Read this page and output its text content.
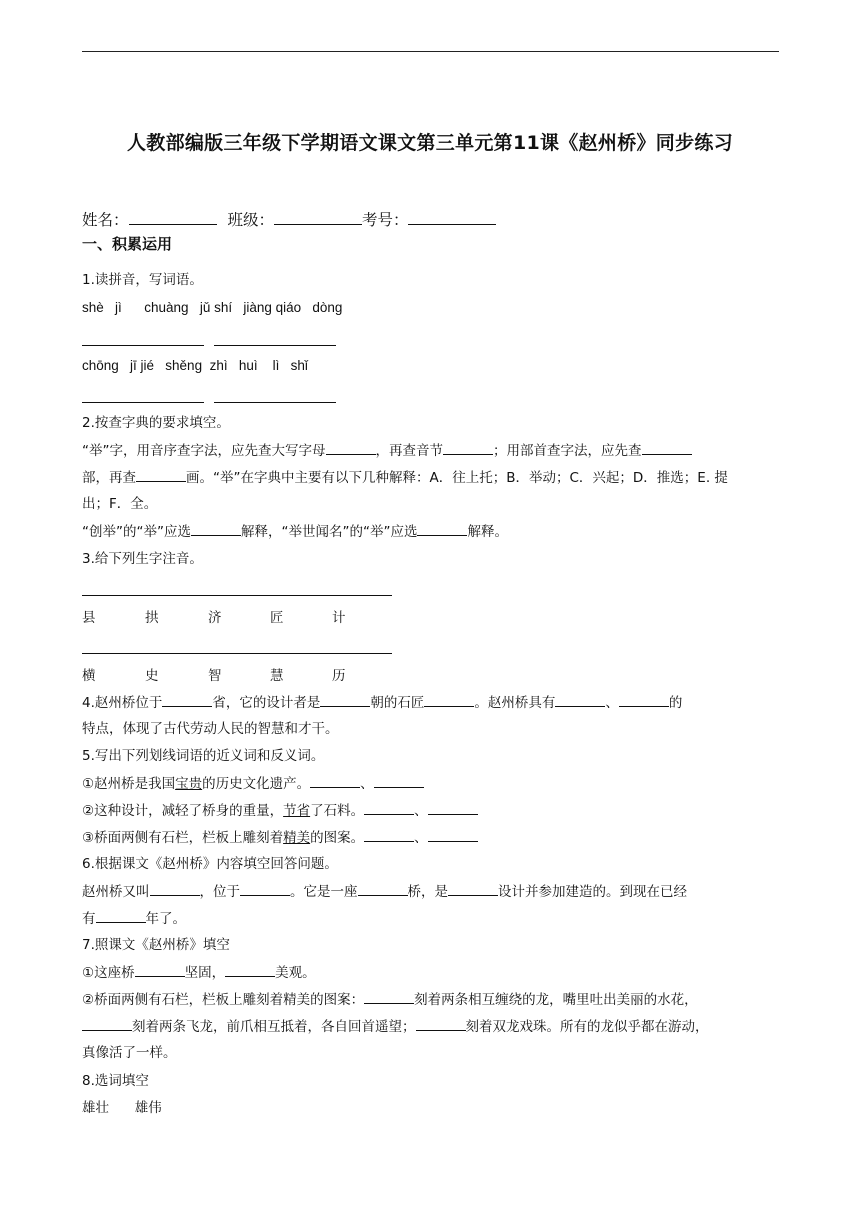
人教部编版三年级下学期语文课文第三单元第11课《赵州桥》同步练习
姓名：	班级：	考号：
一、积累运用
1.读拼音，写词语。
shè   jì      chuàng   jǔ shí   jiàng qiáo   dòng
chōng   jī jié   shěng  zhì   huì    lì   shǐ
2.按查字典的要求填空。
“举”字，用音序查字法，应先查大写字母	，再查音节	；用部首查字法，应先查
部，再查	画。“举”在字典中主要有以下几种解释：A．往上托；B．举动；C．兴起；D．推选；E. 提
出；F．全。
“创举”的“举”应选	解释，“举世闻名”的“举”应选	解释。
3.给下列生字注音。
县	拱	济	匠	计
横	史	智	慧	历
4.赵州桥位于	省，它的设计者是	朝的石匠	。赵州桥具有	、	的
特点，体现了古代劳动人民的智慧和才干。
5.写出下列划线词语的近义词和反义词。
①赵州桥是我国宝贵的历史文化遗产。	、
②这种设计，减轻了桥身的重量，节省了石料。	、
③桥面两侧有石栏，栏板上雕刻着精美的图案。	、
6.根据课文《赵州桥》内容填空回答问题。
赵州桥又叫	，位于	。它是一座	桥，是	设计并参加建造的。到现在已经
有	年了。
7.照课文《赵州桥》填空
①这座桥	坚固，	美观。
②桥面两侧有石栏，栏板上雕刻着精美的图案：	刻着两条相互缠绕的龙，嘴里吐出美丽的水花，
刻着两条飞龙，前爪相互抵着，各自回首遥望；	刻着双龙戏珠。所有的龙似乎都在游动，
真像活了一样。
8.选词填空
雄壮      雄伟
